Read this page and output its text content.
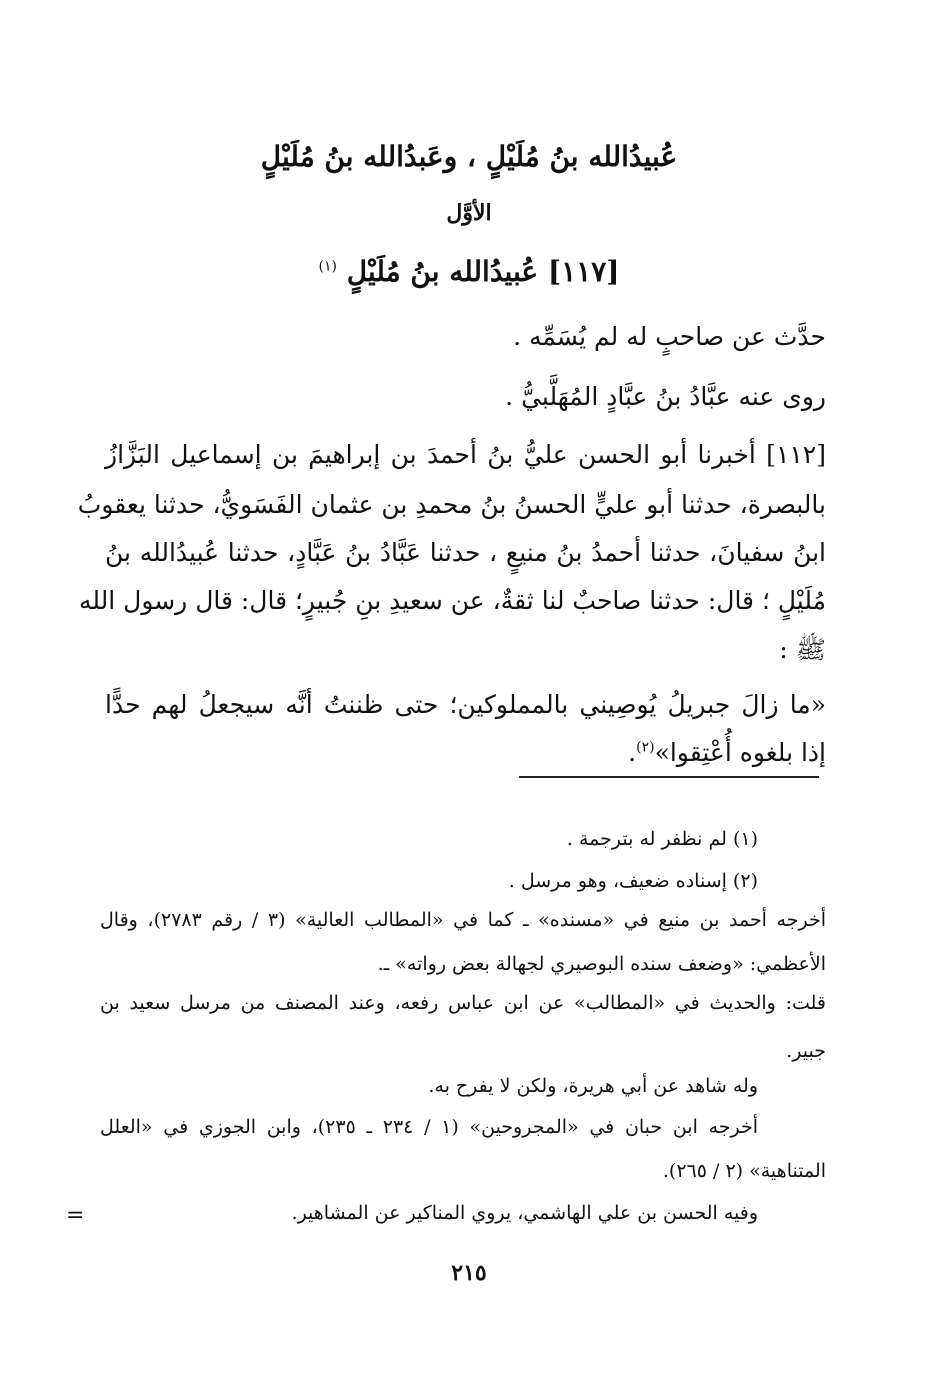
عُبيدُالله بنُ مُلَيْلٍ ، وعَبدُالله بنُ مُلَيْلٍ
الأوَّل
[١١٧] عُبيدُالله بنُ مُلَيْلٍ $^{(١)}$
حدَّث عن صاحبٍ له لم يُسَمِّه .
روى عنه عبَّادُ بنُ عبَّادٍ المُهَلَّبيُّ .
[١١٢] أخبرنا أبو الحسن عليُّ بنُ أحمدَ بن إبراهيمَ بن إسماعيل البَزَّازُ
بالبصرة، حدثنا أبو عليٍّ الحسنُ بنُ محمدِ بن عثمان الفَسَويُّ، حدثنا يعقوبُ
ابنُ سفيانَ، حدثنا أحمدُ بنُ منيعٍ ، حدثنا عَبَّادُ بنُ عَبَّادٍ، حدثنا عُبيدُالله بنُ
مُلَيْلٍ ؛ قال: حدثنا صاحبٌ لنا ثقةٌ، عن سعيدِ بنِ جُبيرٍ؛ قال: قال رسول الله
ﷺ :
«ما زالَ جبريلُ يُوصِيني بالمملوكين؛ حتى ظننتُ أنَّه سيجعلُ لهم حدًّا
إذا بلغوه أُعْتِقوا»$^{(٢)}$.
(١) لم نظفر له بترجمة .
(٢) إسناده ضعيف، وهو مرسل .
أخرجه أحمد بن منيع في «مسنده» ـ كما في «المطالب العالية» (٣ / رقم ٢٧٨٣)، وقال
الأعظمي: «وضعف سنده البوصيري لجهالة بعض رواته» ـ.
قلت: والحديث في «المطالب» عن ابن عباس رفعه، وعند المصنف من مرسل سعيد بن
جبير.
وله شاهد عن أبي هريرة، ولكن لا يفرح به.
أخرجه ابن حبان في «المجروحين» (١ / ٢٣٤ ـ ٢٣٥)، وابن الجوزي في «العلل
المتناهية» (٢ / ٢٦٥).
وفيه الحسن بن علي الهاشمي، يروي المناكير عن المشاهير.
=
٢١٥
